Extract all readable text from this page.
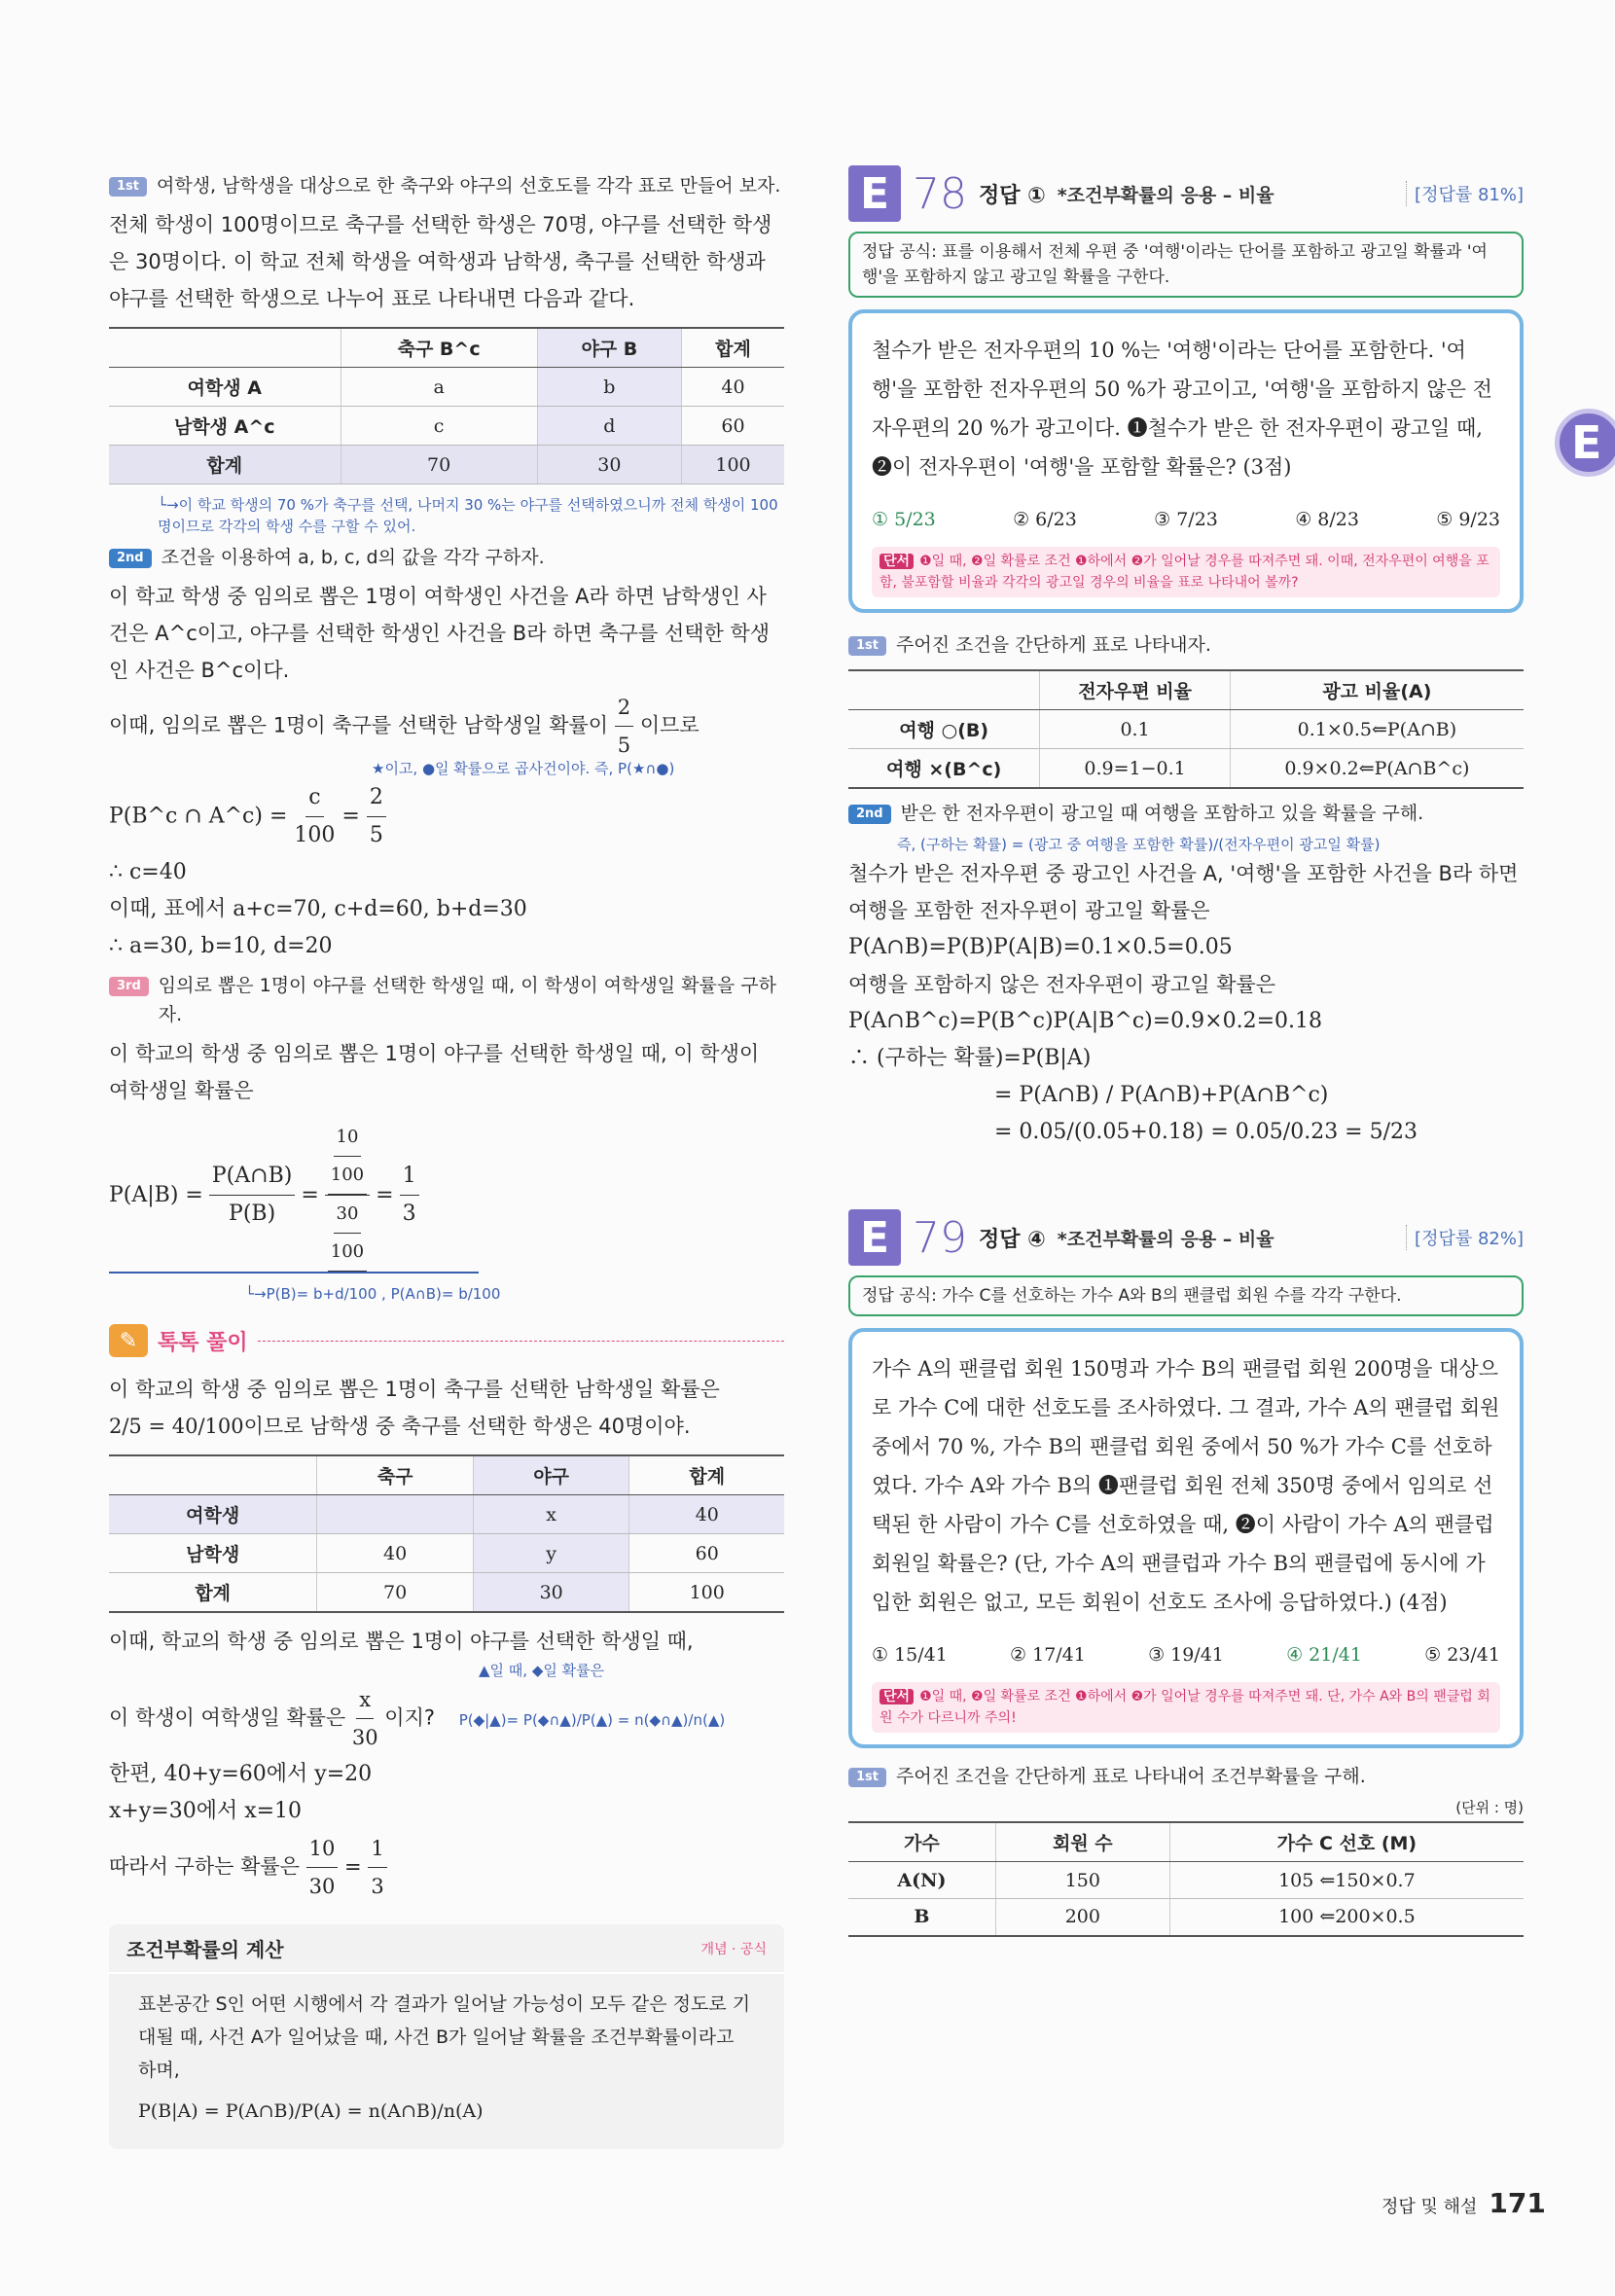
1st 여학생, 남학생을 대상으로 한 축구와 야구의 선호도를 각각 표로 만들어 보자.

전체 학생이 100명이므로 축구를 선택한 학생은 70명, 야구를 선택한 학생은 30명이다. 이 학교 전체 학생을 여학생과 남학생, 축구를 선택한 학생과 야구를 선택한 학생으로 나누어 표로 나타내면 다음과 같다.

	축구 B^c	야구 B	합계
여학생 A	a	b	40
남학생 A^c	c	d	60
합계	70	30	100

└→이 학교 학생의 70 %가 축구를 선택, 나머지 30 %는 야구를 선택하였으니까 전체 학생이 100명이므로 각각의 학생 수를 구할 수 있어.

2nd 조건을 이용하여 a, b, c, d의 값을 각각 구하자.

이 학교 학생 중 임의로 뽑은 1명이 여학생인 사건을 A라 하면 남학생인 사건은 A^c이고, 야구를 선택한 학생인 사건을 B라 하면 축구를 선택한 학생인 사건은 B^c이다.

이때, 임의로 뽑은 1명이 축구를 선택한 남학생일 확률이 $\frac{2}{5}$ 이므로

★이고, ●일 확률으로 곱사건이야. 즉, P(★∩●)

P(B^c ∩ A^c) = $\frac{c}{100} = \frac{2}{5}$

∴ c=40

이때, 표에서 a+c=70, c+d=60, b+d=30

∴ a=30, b=10, d=20

3rd 임의로 뽑은 1명이 야구를 선택한 학생일 때, 이 학생이 여학생일 확률을 구하자.

이 학교의 학생 중 임의로 뽑은 1명이 야구를 선택한 학생일 때, 이 학생이 여학생일 확률은

$P(A|B) = \frac{P(A\cap B)}{P(B)} = \frac{\frac{10}{100}}{\frac{30}{100}} = \frac{1}{3}$

└→P(B)= b+d/100 , P(A∩B)= b/100

✎ 톡톡 풀이

이 학교의 학생 중 임의로 뽑은 1명이 축구를 선택한 남학생일 확률은

2/5 = 40/100이므로 남학생 중 축구를 선택한 학생은 40명이야.

	축구	야구	합계
여학생		x	40
남학생	40	y	60
합계	70	30	100

이때, 학교의 학생 중 임의로 뽑은 1명이 야구를 선택한 학생일 때,

▲일 때, ◆일 확률은

이 학생이 여학생일 확률은 $\frac{x}{30}$ 이지? P(◆|▲)= P(◆∩▲)/P(▲) = n(◆∩▲)/n(▲)

한편, 40+y=60에서 y=20

x+y=30에서 x=10

따라서 구하는 확률은 $\frac{10}{30} = \frac{1}{3}$

조건부확률의 계산	개념 · 공식

표본공간 S인 어떤 시행에서 각 결과가 일어날 가능성이 모두 같은 정도로 기대될 때, 사건 A가 일어났을 때, 사건 B가 일어날 확률을 조건부확률이라고 하며,

P(B|A) = P(A∩B)/P(A) = n(A∩B)/n(A)

E 78 정답 ① *조건부확률의 응용 – 비율	[정답률 81%]
정답 공식: 표를 이용해서 전체 우편 중 '여행'이라는 단어를 포함하고 광고일 확률과 '여행'을 포함하지 않고 광고일 확률을 구한다.

철수가 받은 전자우편의 10 %는 '여행'이라는 단어를 포함한다. '여행'을 포함한 전자우편의 50 %가 광고이고, '여행'을 포함하지 않은 전자우편의 20 %가 광고이다. ❶철수가 받은 한 전자우편이 광고일 때, ❷이 전자우편이 '여행'을 포함할 확률은? (3점)

① 5/23	② 6/23	③ 7/23	④ 8/23	⑤ 9/23
단서 ❶일 때, ❷일 확률로 조건 ❶하에서 ❷가 일어날 경우를 따져주면 돼. 이때, 전자우편이 여행을 포함, 불포함할 비율과 각각의 광고일 경우의 비율을 표로 나타내어 볼까?
1st 주어진 조건을 간단하게 표로 나타내자.
	전자우편 비율	광고 비율(A)
여행 ○(B)	0.1	0.1×0.5⇐P(A∩B)
여행 ×(B^c)	0.9=1−0.1	0.9×0.2⇐P(A∩B^c)
2nd 받은 한 전자우편이 광고일 때 여행을 포함하고 있을 확률을 구해.

즉, (구하는 확률) = (광고 중 여행을 포함한 확률)/(전자우편이 광고일 확률)

철수가 받은 전자우편 중 광고인 사건을 A, '여행'을 포함한 사건을 B라 하면 여행을 포함한 전자우편이 광고일 확률은

P(A∩B)=P(B)P(A|B)=0.1×0.5=0.05

여행을 포함하지 않은 전자우편이 광고일 확률은

P(A∩B^c)=P(B^c)P(A|B^c)=0.9×0.2=0.18

∴ (구하는 확률)=P(B|A)

= P(A∩B) / P(A∩B)+P(A∩B^c)

= 0.05/(0.05+0.18) = 0.05/0.23 = 5/23

E 79 정답 ④ *조건부확률의 응용 – 비율	[정답률 82%]
정답 공식: 가수 C를 선호하는 가수 A와 B의 팬클럽 회원 수를 각각 구한다.

가수 A의 팬클럽 회원 150명과 가수 B의 팬클럽 회원 200명을 대상으로 가수 C에 대한 선호도를 조사하였다. 그 결과, 가수 A의 팬클럽 회원 중에서 70 %, 가수 B의 팬클럽 회원 중에서 50 %가 가수 C를 선호하였다. 가수 A와 가수 B의 ❶팬클럽 회원 전체 350명 중에서 임의로 선택된 한 사람이 가수 C를 선호하였을 때, ❷이 사람이 가수 A의 팬클럽 회원일 확률은? (단, 가수 A의 팬클럽과 가수 B의 팬클럽에 동시에 가입한 회원은 없고, 모든 회원이 선호도 조사에 응답하였다.) (4점)

① 15/41	② 17/41	③ 19/41	④ 21/41	⑤ 23/41
단서 ❶일 때, ❷일 확률로 조건 ❶하에서 ❷가 일어날 경우를 따져주면 돼. 단, 가수 A와 B의 팬클럽 회원 수가 다르니까 주의!
1st 주어진 조건을 간단하게 표로 나타내어 조건부확률을 구해.

(단위 : 명)

가수	회원 수	가수 C 선호 (M)
A(N)	150	105 ⇐150×0.7
B	200	100 ⇐200×0.5
E
정답 및 해설 171
